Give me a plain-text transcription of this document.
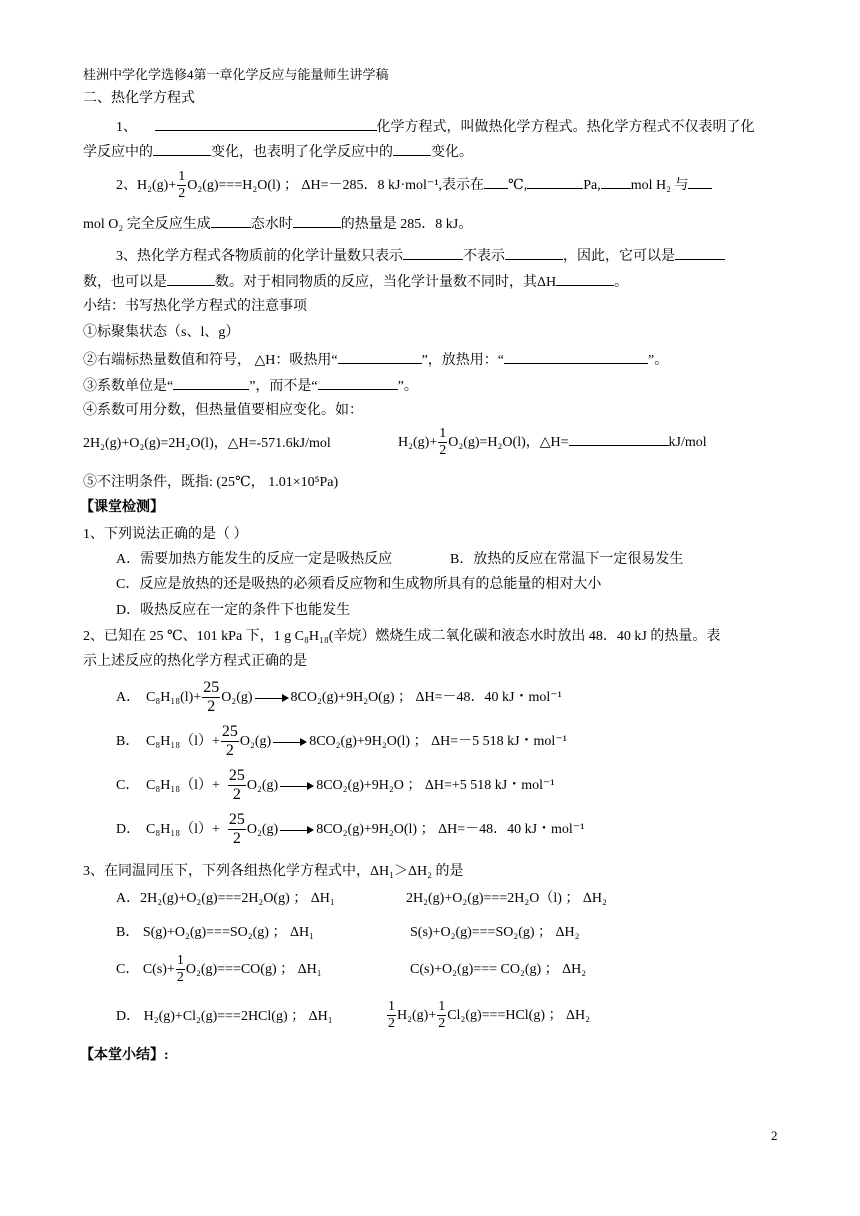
桂洲中学化学选修4第一章化学反应与能量师生讲学稿
二、热化学方程式
1、	化学方程式，叫做热化学方程式。热化学方程式不仅表明了化
学反应中的	变化，也表明了化学反应中的	变化。
2、$H_2(g)+ \frac{1}{2} O_2(g)===H_2O(l)$ ； ΔH=－285．8 kJ·mol⁻¹,表示在 ℃,	Pa, mol H₂ 与
mol O₂ 完全反应生成	态水时	的热量是 285．8 kJ。
3、热化学方程式各物质前的化学计量数只表示	不表示	，因此，它可以是
数，也可以是	数。对于相同物质的反应，当化学计量数不同时，其ΔH	。
小结：书写热化学方程式的注意事项
①标聚集状态（s、l、g）
②右端标热量数值和符号， △H：吸热用“	”，放热用：“	”。
③系数单位是“	”，而不是“	”。
④系数可用分数，但热量值要相应变化。如：
2H₂(g)+O₂(g)=2H₂O(l)，△H=-571.6kJ/mol	$H_2(g)+ \frac{1}{2} O_2(g)=H_2O(l)$，△H=	kJ/mol
⑤不注明条件，既指: (25℃， 1.01×10⁵Pa)
【课堂检测】
1、下列说法正确的是（ ）
A．需要加热方能发生的反应一定是吸热反应	B．放热的反应在常温下一定很易发生
C．反应是放热的还是吸热的必须看反应物和生成物所具有的总能量的相对大小
D．吸热反应在一定的条件下也能发生
2、已知在 25 ℃、101 kPa 下，1 g C₈H₁₈(辛烷）燃烧生成二氧化碳和液态水时放出 48．40 kJ 的热量。表
示上述反应的热化学方程式正确的是
A． $C_8H_{18}(l)+ \frac{25}{2} O_2(g)$	8CO₂(g)+9H₂O(g) ； ΔH=－48．40 kJ・mol⁻¹
B． $C_8H_{18}(l)+ \frac{25}{2} O_2(g)$	8CO₂(g)+9H₂O(l) ； ΔH=－5 518 kJ・mol⁻¹
C． $C_8H_{18}(l)+ \frac{25}{2} O_2(g)$	8CO₂(g)+9H₂O ； ΔH=+5 518 kJ・mol⁻¹
D． $C_8H_{18}(l)+ \frac{25}{2} O_2(g)$	8CO₂(g)+9H₂O(l) ； ΔH=－48．40 kJ・mol⁻¹
3、在同温同压下，下列各组热化学方程式中，ΔH₁＞ΔH₂ 的是
A．2H₂(g)+O₂(g)===2H₂O(g) ； ΔH₁	2H₂(g)+O₂(g)===2H₂O（l) ； ΔH₂
B． S(g)+O₂(g)===SO₂(g) ； ΔH₁	S(s)+O₂(g)===SO₂(g) ； ΔH₂
C． $C(s)+ \frac{1}{2} O_2(g)===CO(g)$ ； ΔH₁	C(s)+O₂(g)=== CO₂(g) ； ΔH₂
D． H₂(g)+Cl₂(g)===2HCl(g) ； ΔH₁	$\frac{1}{2} H_2(g)+ \frac{1}{2} Cl_2(g)===HCl(g)$ ； ΔH₂
【本堂小结】:
2
